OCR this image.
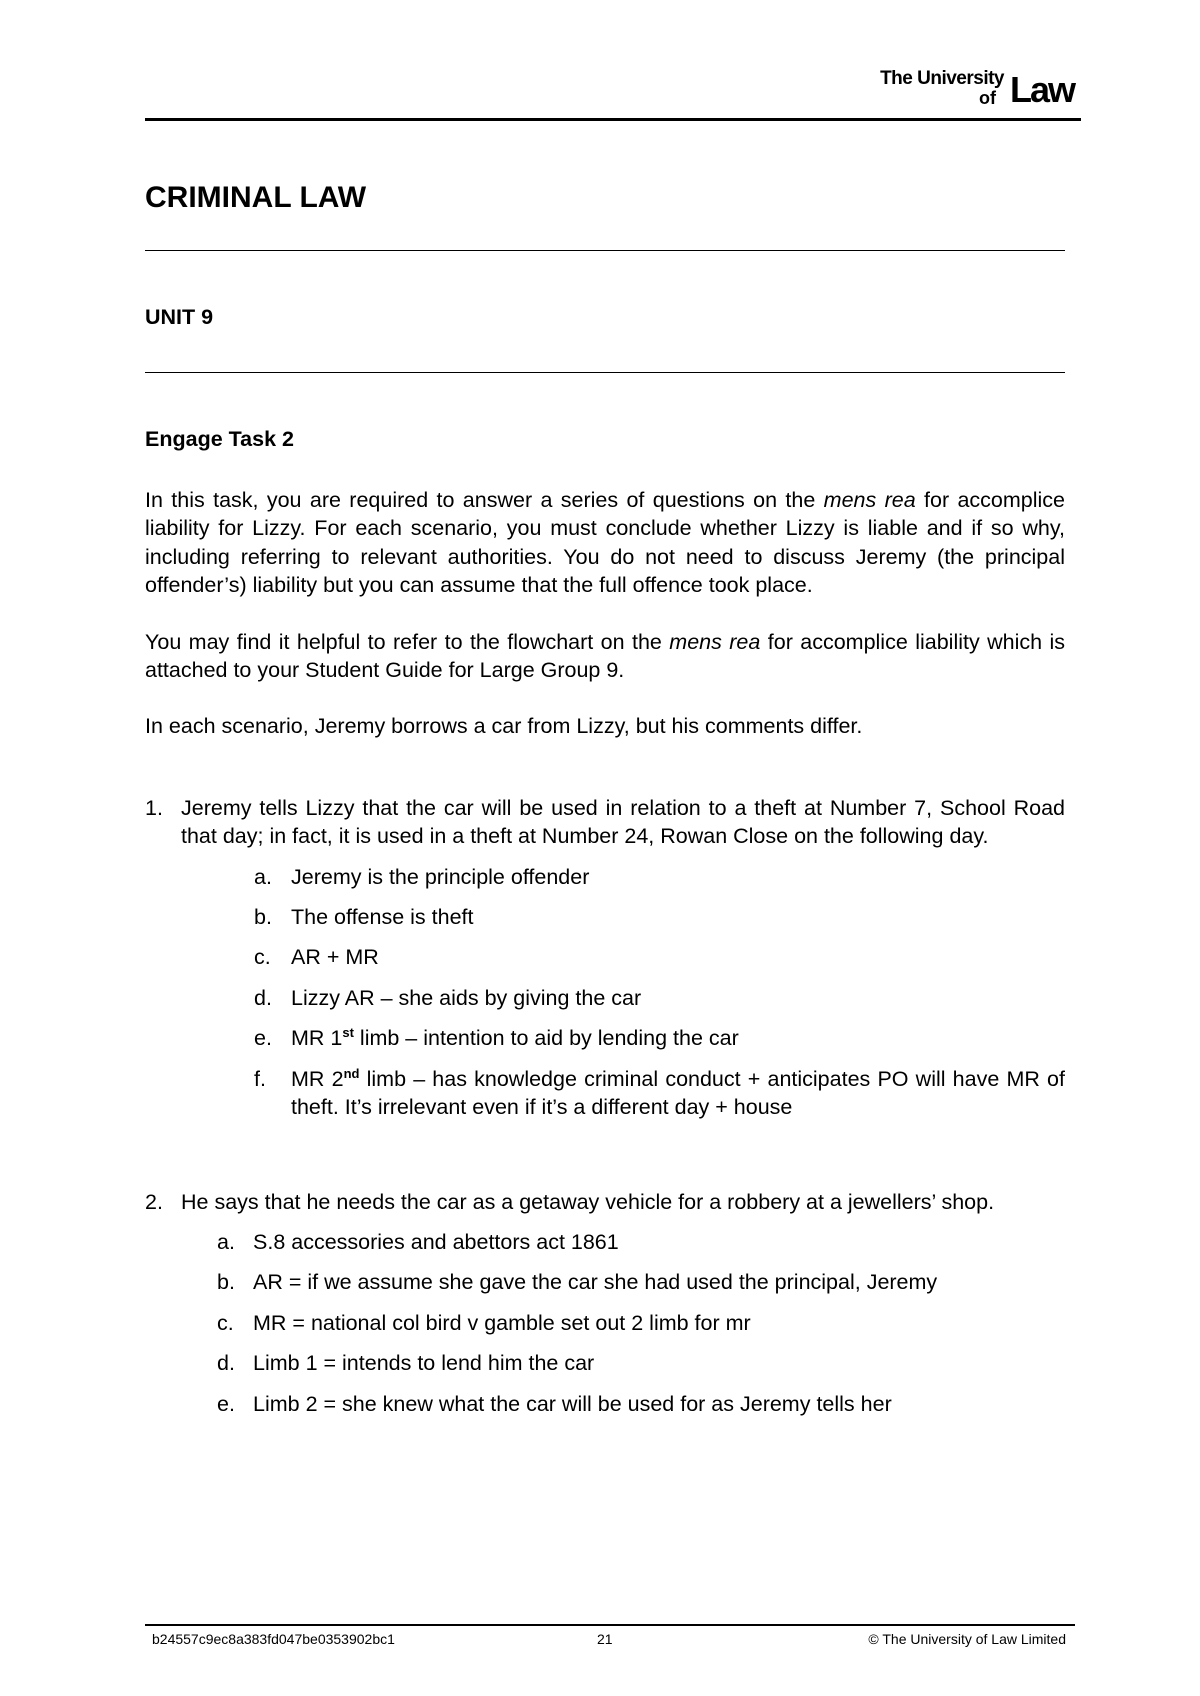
The University
of Law
CRIMINAL LAW
UNIT 9
Engage Task 2

In this task, you are required to answer a series of questions on the mens rea for accomplice liability for Lizzy. For each scenario, you must conclude whether Lizzy is liable and if so why, including referring to relevant authorities. You do not need to discuss Jeremy (the principal offender’s) liability but you can assume that the full offence took place.

You may find it helpful to refer to the flowchart on the mens rea for accomplice liability which is attached to your Student Guide for Large Group 9.

In each scenario, Jeremy borrows a car from Lizzy, but his comments differ.

1. Jeremy tells Lizzy that the car will be used in relation to a theft at Number 7, School Road that day; in fact, it is used in a theft at Number 24, Rowan Close on the following day.
a. Jeremy is the principle offender
b. The offense is theft
c. AR + MR
d. Lizzy AR – she aids by giving the car
e. MR 1st limb – intention to aid by lending the car
f.	MR 2nd limb – has knowledge criminal conduct + anticipates PO will have MR of theft. It’s irrelevant even if it’s a different day + house
2. He says that he needs the car as a getaway vehicle for a robbery at a jewellers’ shop.
a. S.8 accessories and abettors act 1861
b. AR = if we assume she gave the car she had used the principal, Jeremy
c. MR = national col bird v gamble set out 2 limb for mr
d. Limb 1 = intends to lend him the car
e. Limb 2 = she knew what the car will be used for as Jeremy tells her
b24557c9ec8a383fd047be0353902bc1	21	© The University of Law Limited
